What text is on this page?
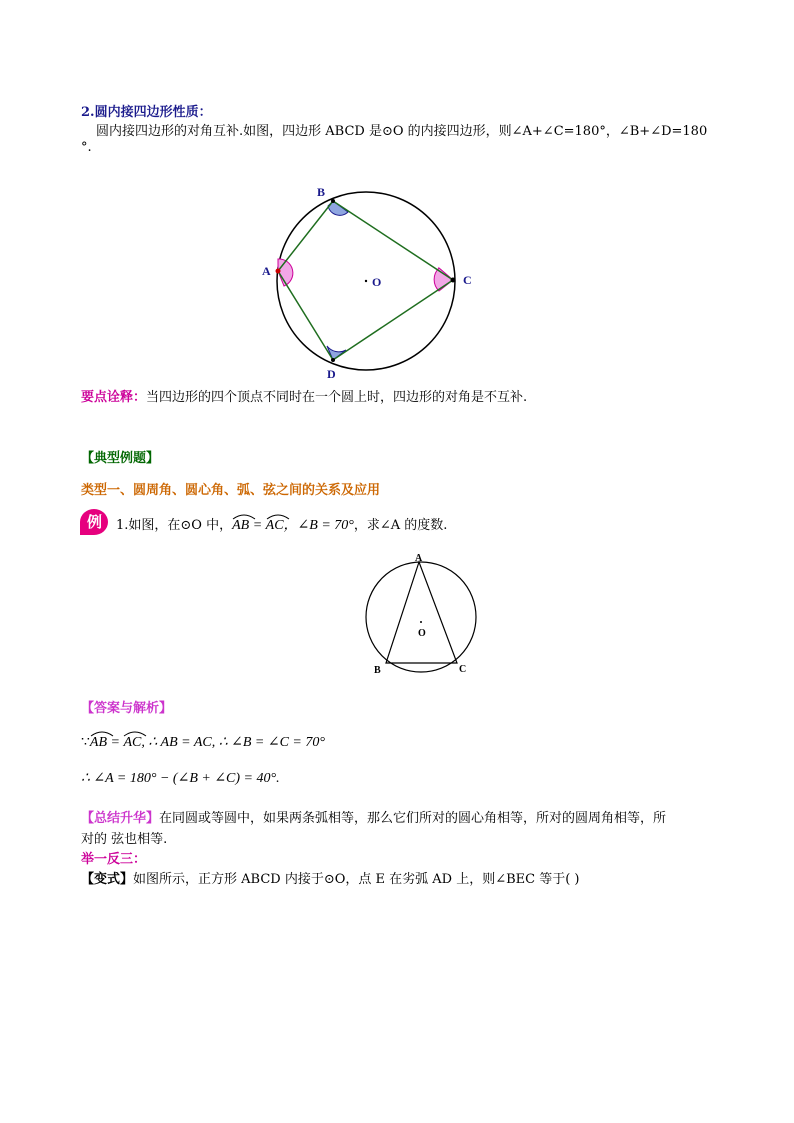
2.圆内接四边形性质：
圆内接四边形的对角互补.如图，四边形 ABCD 是⊙O 的内接四边形，则∠A+∠C=180°，∠B+∠D=180
°.
A
B
C
D
O
要点诠释：当四边形的四个顶点不同时在一个圆上时，四边形的对角是不互补.
【典型例题】
类型一、圆周角、圆心角、弧、弦之间的关系及应用
例 1.如图，在⊙O 中，
AB =
AC，∠B = 70°，求∠A 的度数.
A
B	C
O
【答案与解析】
∵
AB =
AC, ∴ AB = AC, ∴ ∠B = ∠C = 70°
∴ ∠A = 180° − (∠B + ∠C) = 40°.
【总结升华】在同圆或等圆中，如果两条弧相等，那么它们所对的圆心角相等，所对的圆周角相等，所
对的 弦也相等.
举一反三：
【变式】如图所示，正方形 ABCD 内接于⊙O，点 E 在劣弧 AD 上，则∠BEC 等于( )
